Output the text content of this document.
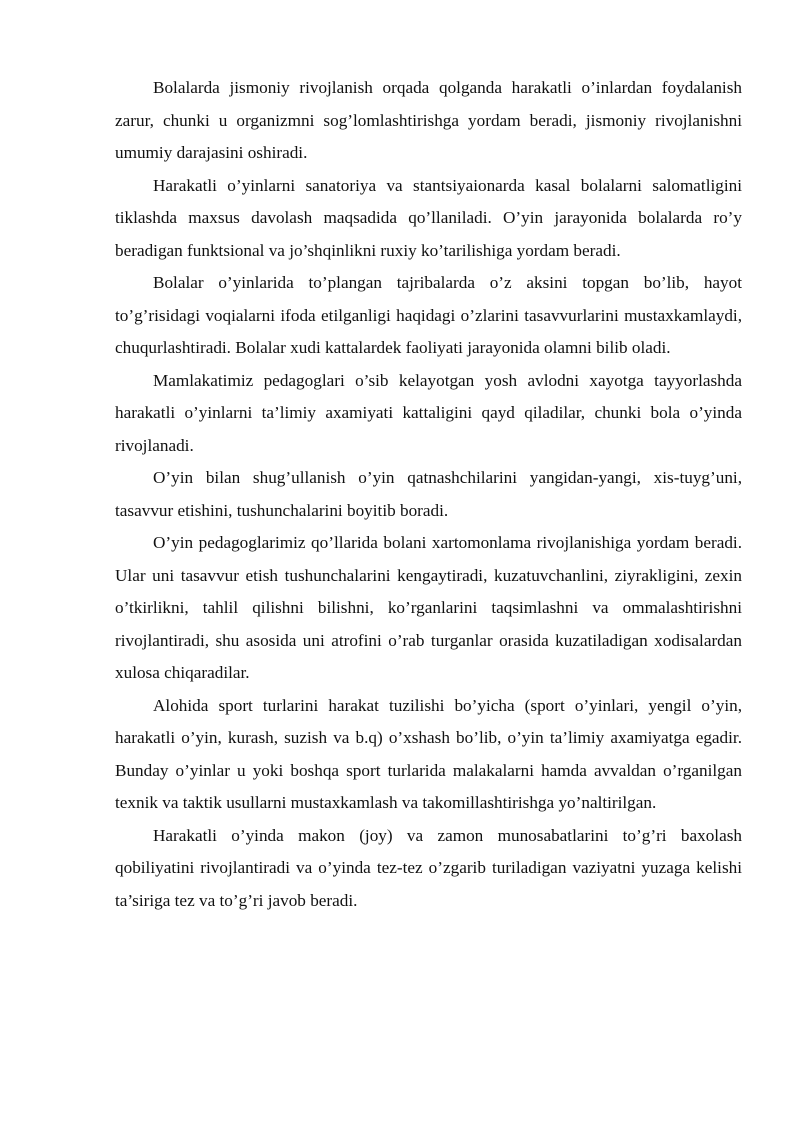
Bolalarda jismoniy rivojlanish orqada qolganda harakatli o’inlardan foydalanish zarur, chunki u organizmni sog’lomlashtirishga yordam beradi, jismoniy rivojlanishni umumiy darajasini oshiradi.

Harakatli o’yinlarni sanatoriya va stantsiyaionarda kasal bolalarni salomatligini tiklashda maxsus davolash maqsadida qo’llaniladi. O’yin jarayonida bolalarda ro’y beradigan funktsional va jo’shqinlikni ruxiy ko’tarilishiga yordam beradi.

Bolalar o’yinlarida to’plangan tajribalarda o’z aksini topgan bo’lib, hayot to’g’risidagi voqialarni ifoda etilganligi haqidagi o’zlarini tasavvurlarini mustaxkamlaydi, chuqurlashtiradi. Bolalar xudi kattalardek faoliyati jarayonida olamni bilib oladi.

Mamlakatimiz pedagoglari o’sib kelayotgan yosh avlodni xayotga tayyorlashda harakatli o’yinlarni ta’limiy axamiyati kattaligini qayd qiladilar, chunki bola o’yinda rivojlanadi.

O’yin bilan shug’ullanish o’yin qatnashchilarini yangidan-yangi, xis-tuyg’uni, tasavvur etishini, tushunchalarini boyitib boradi.

O’yin pedagoglarimiz qo’llarida bolani xartomonlama rivojlanishiga yordam beradi. Ular uni tasavvur etish tushunchalarini kengaytiradi, kuzatuvchanlini, ziyrakligini, zexin o’tkirlikni, tahlil qilishni bilishni, ko’rganlarini taqsimlashni va ommalashtirishni rivojlantiradi, shu asosida uni atrofini o’rab turganlar orasida kuzatiladigan xodisalardan xulosa chiqaradilar.

Alohida sport turlarini harakat tuzilishi bo’yicha (sport o’yinlari, yengil o’yin, harakatli o’yin, kurash, suzish va b.q) o’xshash bo’lib, o’yin ta’limiy axamiyatga egadir. Bunday o’yinlar u yoki boshqa sport turlarida malakalarni hamda avvaldan o’rganilgan texnik va taktik usullarni mustaxkamlash va takomillashtirishga yo’naltirilgan.

Harakatli o’yinda makon (joy) va zamon munosabatlarini to’g’ri baxolash qobiliyatini rivojlantiradi va o’yinda tez-tez o’zgarib turiladigan vaziyatni yuzaga kelishi ta’siriga tez va to’g’ri javob beradi.
